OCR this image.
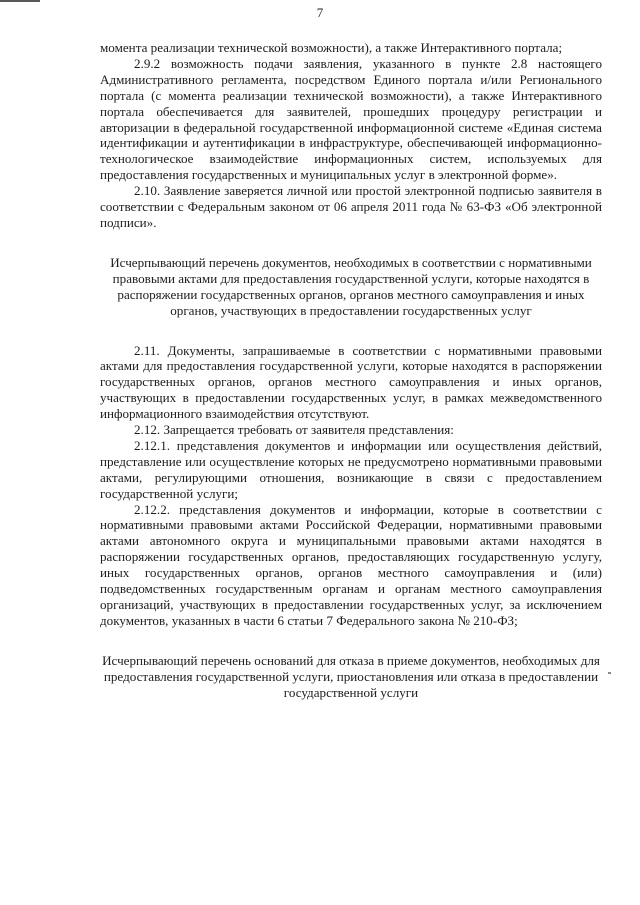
7

момента реализации технической возможности), а также Интерактивного портала;

2.9.2 возможность подачи заявления, указанного в пункте 2.8 настоящего Административного регламента, посредством Единого портала и/или Регионального портала (с момента реализации технической возможности), а также Интерактивного портала обеспечивается для заявителей, прошедших процедуру регистрации и авторизации в федеральной государственной информационной системе «Единая система идентификации и аутентификации в инфраструктуре, обеспечивающей информационно-технологическое взаимодействие информационных систем, используемых для предоставления государственных и муниципальных услуг в электронной форме».

2.10. Заявление заверяется личной или простой электронной подписью заявителя в соответствии с Федеральным законом от 06 апреля 2011 года № 63-ФЗ «Об электронной подписи».

Исчерпывающий перечень документов, необходимых в соответствии с нормативными правовыми актами для предоставления государственной услуги, которые находятся в распоряжении государственных органов, органов местного самоуправления и иных органов, участвующих в предоставлении государственных услуг

2.11. Документы, запрашиваемые в соответствии с нормативными правовыми актами для предоставления государственной услуги, которые находятся в распоряжении государственных органов, органов местного самоуправления и иных органов, участвующих в предоставлении государственных услуг, в рамках межведомственного информационного взаимодействия отсутствуют.

2.12. Запрещается требовать от заявителя представления:

2.12.1. представления документов и информации или осуществления действий, представление или осуществление которых не предусмотрено нормативными правовыми актами, регулирующими отношения, возникающие в связи с предоставлением государственной услуги;

2.12.2. представления документов и информации, которые в соответствии с нормативными правовыми актами Российской Федерации, нормативными правовыми актами автономного округа и муниципальными правовыми актами находятся в распоряжении государственных органов, предоставляющих государственную услугу, иных государственных органов, органов местного самоуправления и (или) подведомственных государственным органам и органам местного самоуправления организаций, участвующих в предоставлении государственных услуг, за исключением документов, указанных в части 6 статьи 7 Федерального закона № 210-ФЗ;

Исчерпывающий перечень оснований для отказа в приеме документов, необходимых для предоставления государственной услуги, приостановления или отказа в предоставлении государственной услуги
